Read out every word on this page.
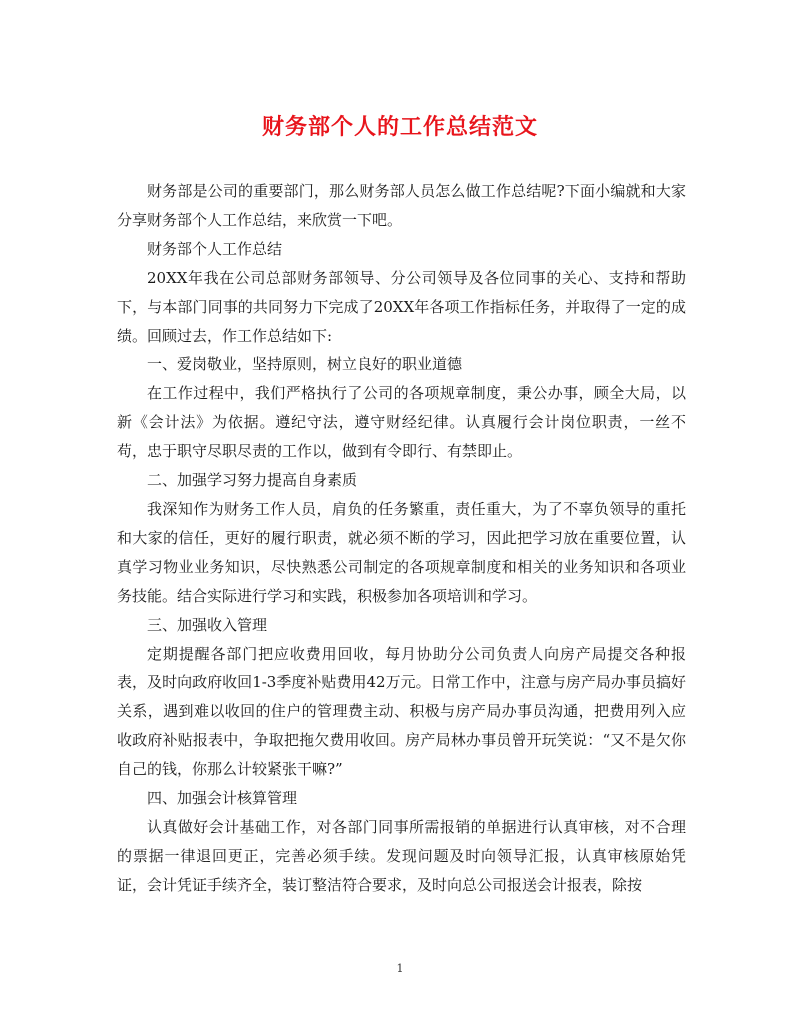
财务部个人的工作总结范文

财务部是公司的重要部门，那么财务部人员怎么做工作总结呢?下面小编就和大家分享财务部个人工作总结，来欣赏一下吧。

财务部个人工作总结

20XX年我在公司总部财务部领导、分公司领导及各位同事的关心、支持和帮助下，与本部门同事的共同努力下完成了20XX年各项工作指标任务，并取得了一定的成绩。回顾过去，作工作总结如下:

一、爱岗敬业，坚持原则，树立良好的职业道德

在工作过程中，我们严格执行了公司的各项规章制度，秉公办事，顾全大局，以新《会计法》为依据。遵纪守法，遵守财经纪律。认真履行会计岗位职责，一丝不苟，忠于职守尽职尽责的工作以，做到有令即行、有禁即止。

二、加强学习努力提高自身素质

我深知作为财务工作人员，肩负的任务繁重，责任重大，为了不辜负领导的重托和大家的信任，更好的履行职责，就必须不断的学习，因此把学习放在重要位置，认真学习物业业务知识，尽快熟悉公司制定的各项规章制度和相关的业务知识和各项业务技能。结合实际进行学习和实践，积极参加各项培训和学习。

三、加强收入管理

定期提醒各部门把应收费用回收，每月协助分公司负责人向房产局提交各种报表，及时向政府收回1-3季度补贴费用42万元。日常工作中，注意与房产局办事员搞好关系，遇到难以收回的住户的管理费主动、积极与房产局办事员沟通，把费用列入应收政府补贴报表中，争取把拖欠费用收回。房产局林办事员曾开玩笑说：“又不是欠你自己的钱，你那么计较紧张干嘛?”

四、加强会计核算管理

认真做好会计基础工作，对各部门同事所需报销的单据进行认真审核，对不合理的票据一律退回更正，完善必须手续。发现问题及时向领导汇报，认真审核原始凭证，会计凭证手续齐全，装订整洁符合要求，及时向总公司报送会计报表，除按

1
